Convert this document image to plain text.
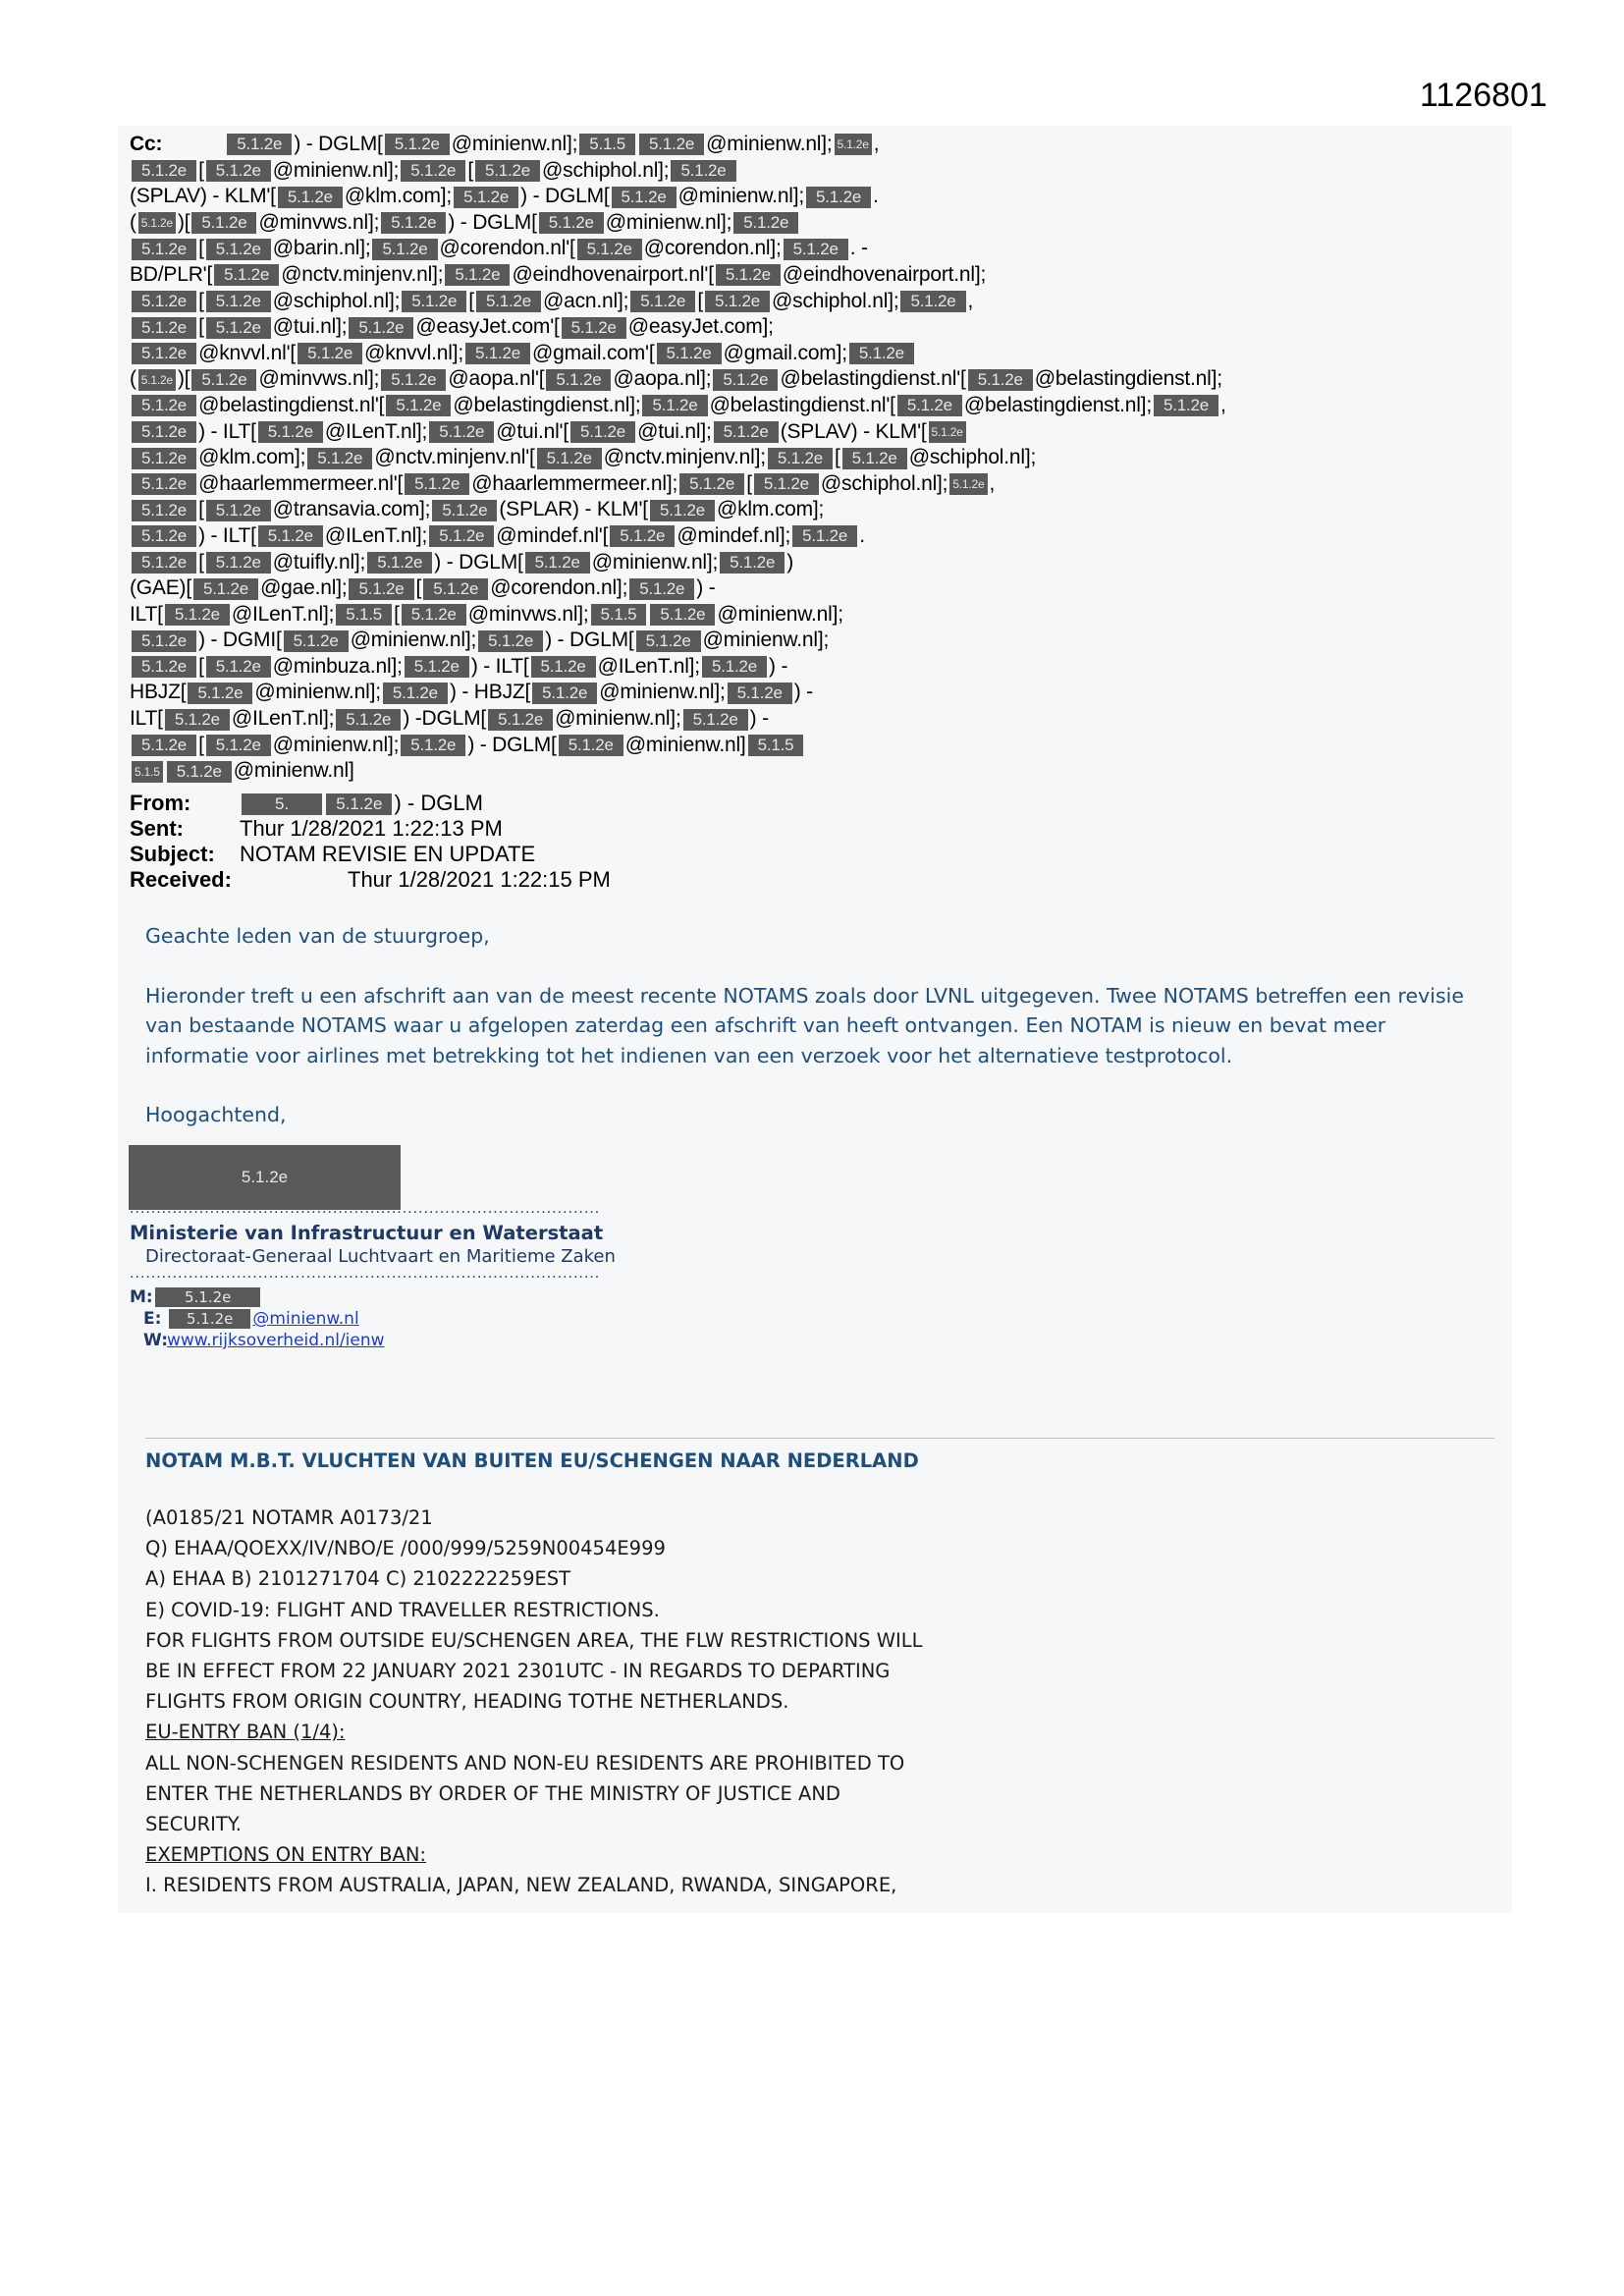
1126801
Cc:	5.1.2e ) - DGLM[ 5.1.2e @minienw.nl]; 5.1.5 5.1.2e @minienw.nl]; 5.1.2e ,
5.1.2e [ 5.1.2e @minienw.nl]; 5.1.2e [ 5.1.2e @schiphol.nl]; 5.1.2e
(SPLAV) - KLM'[ 5.1.2e @klm.com]; 5.1.2e ) - DGLM[ 5.1.2e @minienw.nl]; 5.1.2e .
( 5.1.2e )[ 5.1.2e @minvws.nl]; 5.1.2e ) - DGLM[ 5.1.2e @minienw.nl]; 5.1.2e
5.1.2e [ 5.1.2e @barin.nl]; 5.1.2e @corendon.nl'[ 5.1.2e @corendon.nl]; 5.1.2e . -
BD/PLR'[ 5.1.2e @nctv.minjenv.nl]; 5.1.2e @eindhovenairport.nl'[ 5.1.2e @eindhovenairport.nl];
5.1.2e [ 5.1.2e @schiphol.nl]; 5.1.2e [ 5.1.2e @acn.nl]; 5.1.2e [ 5.1.2e @schiphol.nl]; 5.1.2e ,
5.1.2e [ 5.1.2e @tui.nl]; 5.1.2e @easyJet.com'[ 5.1.2e @easyJet.com];
5.1.2e @knvvl.nl'[ 5.1.2e @knvvl.nl]; 5.1.2e @gmail.com'[ 5.1.2e @gmail.com]; 5.1.2e
( 5.1.2e )[ 5.1.2e @minvws.nl]; 5.1.2e @aopa.nl'[ 5.1.2e @aopa.nl]; 5.1.2e @belastingdienst.nl'[ 5.1.2e @belastingdienst.nl];
5.1.2e @belastingdienst.nl'[ 5.1.2e @belastingdienst.nl]; 5.1.2e @belastingdienst.nl'[ 5.1.2e @belastingdienst.nl]; 5.1.2e ,
5.1.2e ) - ILT[ 5.1.2e @ILenT.nl]; 5.1.2e @tui.nl'[ 5.1.2e @tui.nl]; 5.1.2e (SPLAV) - KLM'[ 5.1.2e
5.1.2e @klm.com]; 5.1.2e @nctv.minjenv.nl'[ 5.1.2e @nctv.minjenv.nl]; 5.1.2e [ 5.1.2e @schiphol.nl];
5.1.2e @haarlemmermeer.nl'[ 5.1.2e @haarlemmermeer.nl]; 5.1.2e [ 5.1.2e @schiphol.nl]; 5.1.2e ,
5.1.2e [ 5.1.2e @transavia.com]; 5.1.2e (SPLAR) - KLM'[ 5.1.2e @klm.com];
5.1.2e ) - ILT[ 5.1.2e @ILenT.nl]; 5.1.2e @mindef.nl'[ 5.1.2e @mindef.nl]; 5.1.2e .
5.1.2e [ 5.1.2e @tuifly.nl]; 5.1.2e ) - DGLM[ 5.1.2e @minienw.nl]; 5.1.2e )
(GAE)[ 5.1.2e @gae.nl]; 5.1.2e [ 5.1.2e @corendon.nl]; 5.1.2e ) -
ILT[ 5.1.2e @ILenT.nl]; 5.1.5 [ 5.1.2e @minvws.nl]; 5.1.5 5.1.2e @minienw.nl];
5.1.2e ) - DGMI[ 5.1.2e @minienw.nl]; 5.1.2e ) - DGLM[ 5.1.2e @minienw.nl];
5.1.2e [ 5.1.2e @minbuza.nl]; 5.1.2e ) - ILT[ 5.1.2e @ILenT.nl]; 5.1.2e ) -
HBJZ[ 5.1.2e @minienw.nl]; 5.1.2e ) - HBJZ[ 5.1.2e @minienw.nl]; 5.1.2e ) -
ILT[ 5.1.2e @ILenT.nl]; 5.1.2e ) -DGLM[ 5.1.2e @minienw.nl]; 5.1.2e ) -
5.1.2e [ 5.1.2e @minienw.nl]; 5.1.2e ) - DGLM[ 5.1.2e @minienw.nl] 5.1.5
5.1.5 5.1.2e @minienw.nl]
From:	5.	5.1.2e ) - DGLM
Sent:	Thur 1/28/2021 1:22:13 PM
Subject:	NOTAM REVISIE EN UPDATE
Received:	Thur 1/28/2021 1:22:15 PM

Geachte leden van de stuurgroep,

Hieronder treft u een afschrift aan van de meest recente NOTAMS zoals door LVNL uitgegeven. Twee NOTAMS betreffen een revisie van bestaande NOTAMS waar u afgelopen zaterdag een afschrift van heeft ontvangen. Een NOTAM is nieuw en bevat meer informatie voor airlines met betrekking tot het indienen van een verzoek voor het alternatieve testprotocol.

Hoogachtend,

5.1.2e
........................................................................................
Ministerie van Infrastructuur en Waterstaat
Directoraat-Generaal Luchtvaart en Maritieme Zaken
........................................................................................
M: 5.1.2e
E: 5.1.2e @minienw.nl
W:www.rijksoverheid.nl/ienw
NOTAM M.B.T. VLUCHTEN VAN BUITEN EU/SCHENGEN NAAR NEDERLAND
(A0185/21 NOTAMR A0173/21
Q) EHAA/QOEXX/IV/NBO/E /000/999/5259N00454E999
A) EHAA B) 2101271704 C) 2102222259EST
E) COVID-19: FLIGHT AND TRAVELLER RESTRICTIONS.
FOR FLIGHTS FROM OUTSIDE EU/SCHENGEN AREA, THE FLW RESTRICTIONS WILL
BE IN EFFECT FROM 22 JANUARY 2021 2301UTC - IN REGARDS TO DEPARTING
FLIGHTS FROM ORIGIN COUNTRY, HEADING TOTHE NETHERLANDS.
EU-ENTRY BAN (1/4):
ALL NON-SCHENGEN RESIDENTS AND NON-EU RESIDENTS ARE PROHIBITED TO
ENTER THE NETHERLANDS BY ORDER OF THE MINISTRY OF JUSTICE AND
SECURITY.
EXEMPTIONS ON ENTRY BAN:
I. RESIDENTS FROM AUSTRALIA, JAPAN, NEW ZEALAND, RWANDA, SINGAPORE,
